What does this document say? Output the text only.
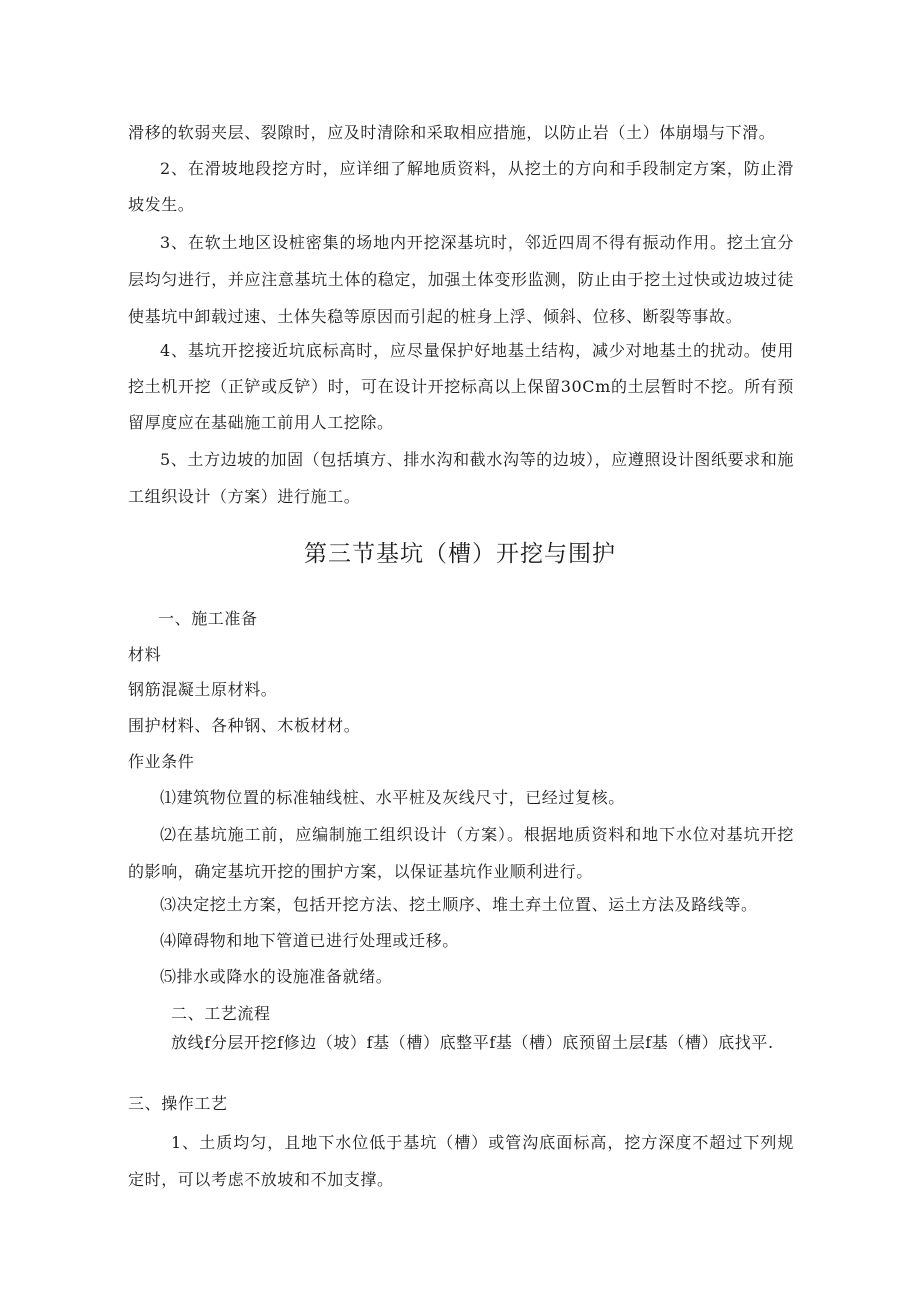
滑移的软弱夹层、裂隙时，应及时清除和采取相应措施，以防止岩（土）体崩塌与下滑。
2、在滑坡地段挖方时，应详细了解地质资料，从挖土的方向和手段制定方案，防止滑坡发生。
3、在软土地区设桩密集的场地内开挖深基坑时，邻近四周不得有振动作用。挖土宜分层均匀进行，并应注意基坑土体的稳定，加强土体变形监测，防止由于挖土过快或边坡过徒使基坑中卸载过速、土体失稳等原因而引起的桩身上浮、倾斜、位移、断裂等事故。
4、基坑开挖接近坑底标高时，应尽量保护好地基土结构，减少对地基土的扰动。使用挖土机开挖（正铲或反铲）时，可在设计开挖标高以上保留30Cm的土层暂时不挖。所有预留厚度应在基础施工前用人工挖除。
5、土方边坡的加固（包括填方、排水沟和截水沟等的边坡），应遵照设计图纸要求和施工组织设计（方案）进行施工。
第三节基坑（槽）开挖与围护
一、施工准备
材料
钢筋混凝土原材料。
围护材料、各种钢、木板材材。
作业条件
⑴建筑物位置的标准轴线桩、水平桩及灰线尺寸，已经过复核。
⑵在基坑施工前，应编制施工组织设计（方案）。根据地质资料和地下水位对基坑开挖的影响，确定基坑开挖的围护方案，以保证基坑作业顺利进行。
⑶决定挖土方案，包括开挖方法、挖土顺序、堆土弃土位置、运土方法及路线等。
⑷障碍物和地下管道已进行处理或迁移。
⑸排水或降水的设施准备就绪。
二、工艺流程
放线f分层开挖f修边（坡）f基（槽）底整平f基（槽）底预留土层f基（槽）底找平.
三、操作工艺
1、土质均匀，且地下水位低于基坑（槽）或管沟底面标高，挖方深度不超过下列规定时，可以考虑不放坡和不加支撑。
